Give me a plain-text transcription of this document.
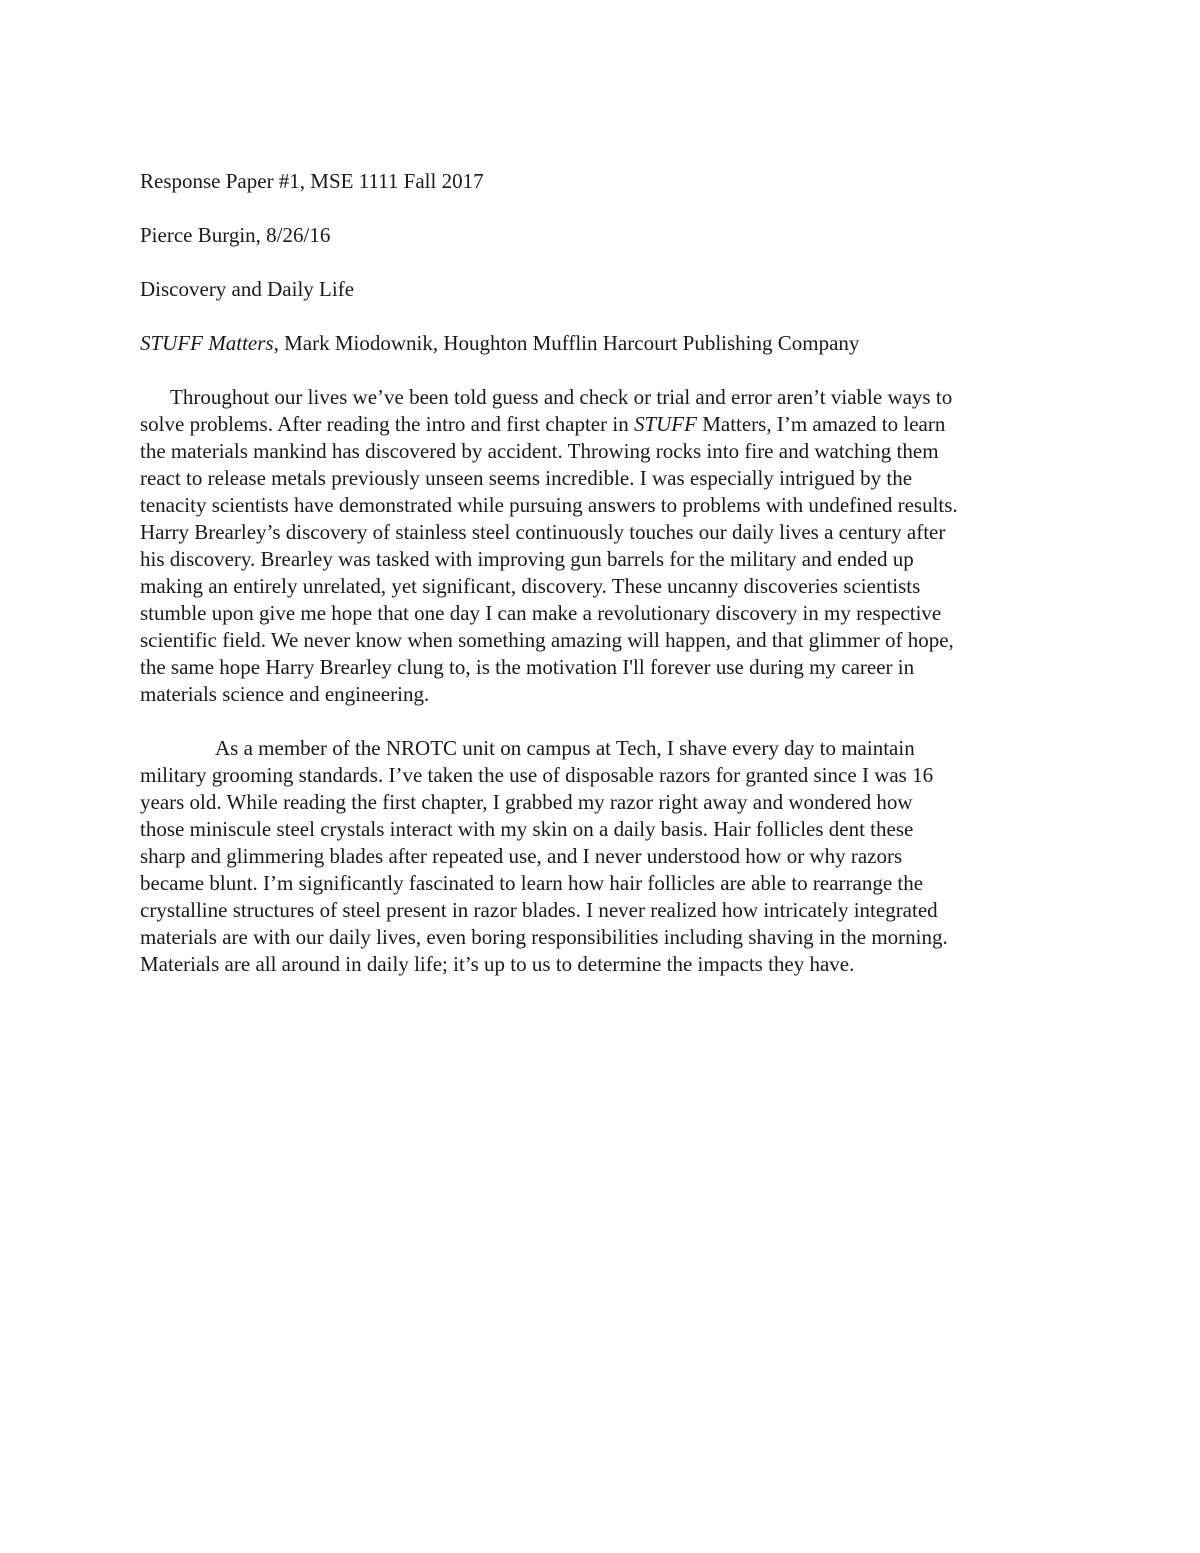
Response Paper #1, MSE 1111 Fall 2017

Pierce Burgin, 8/26/16

Discovery and Daily Life

STUFF Matters, Mark Miodownik, Houghton Mufflin Harcourt Publishing Company

Throughout our lives we’ve been told guess and check or trial and error aren’t viable ways to
solve problems. After reading the intro and first chapter in STUFF Matters, I’m amazed to learn
the materials mankind has discovered by accident. Throwing rocks into fire and watching them
react to release metals previously unseen seems incredible. I was especially intrigued by the
tenacity scientists have demonstrated while pursuing answers to problems with undefined results.
Harry Brearley’s discovery of stainless steel continuously touches our daily lives a century after
his discovery. Brearley was tasked with improving gun barrels for the military and ended up
making an entirely unrelated, yet significant, discovery. These uncanny discoveries scientists
stumble upon give me hope that one day I can make a revolutionary discovery in my respective
scientific field. We never know when something amazing will happen, and that glimmer of hope,
the same hope Harry Brearley clung to, is the motivation I'll forever use during my career in
materials science and engineering.
As a member of the NROTC unit on campus at Tech, I shave every day to maintain
military grooming standards. I’ve taken the use of disposable razors for granted since I was 16
years old. While reading the first chapter, I grabbed my razor right away and wondered how
those miniscule steel crystals interact with my skin on a daily basis. Hair follicles dent these
sharp and glimmering blades after repeated use, and I never understood how or why razors
became blunt. I’m significantly fascinated to learn how hair follicles are able to rearrange the
crystalline structures of steel present in razor blades. I never realized how intricately integrated
materials are with our daily lives, even boring responsibilities including shaving in the morning.
Materials are all around in daily life; it’s up to us to determine the impacts they have.
